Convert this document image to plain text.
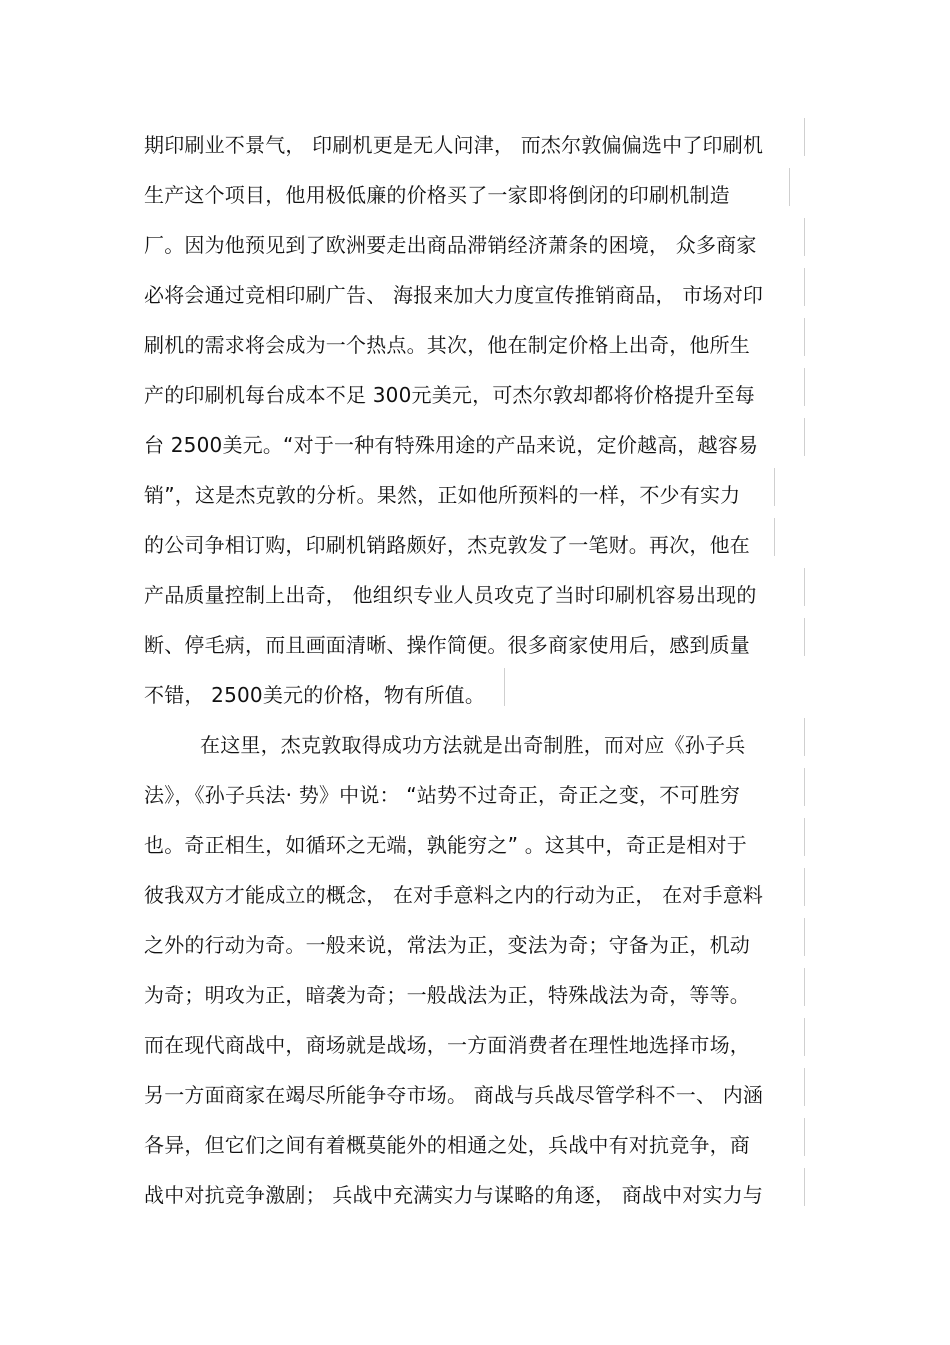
期印刷业不景气， 印刷机更是无人问津， 而杰尔敦偏偏选中了印刷机
生产这个项目，他用极低廉的价格买了一家即将倒闭的印刷机制造
厂。因为他预见到了欧洲要走出商品滞销经济萧条的困境， 众多商家
必将会通过竞相印刷广告、 海报来加大力度宣传推销商品， 市场对印
刷机的需求将会成为一个热点。其次，他在制定价格上出奇，他所生
产的印刷机每台成本不足 300元美元，可杰尔敦却都将价格提升至每
台 2500美元。“对于一种有特殊用途的产品来说，定价越高，越容易
销”，这是杰克敦的分析。果然，正如他所预料的一样，不少有实力
的公司争相订购，印刷机销路颇好，杰克敦发了一笔财。再次，他在
产品质量控制上出奇， 他组织专业人员攻克了当时印刷机容易出现的
断、停毛病，而且画面清晰、操作简便。很多商家使用后，感到质量
不错， 2500美元的价格，物有所值。
在这里，杰克敦取得成功方法就是出奇制胜，而对应《孙子兵
法》，《孙子兵法· 势》中说： “站势不过奇正，奇正之变，不可胜穷
也。奇正相生，如循环之无端，孰能穷之” 。这其中，奇正是相对于
彼我双方才能成立的概念， 在对手意料之内的行动为正， 在对手意料
之外的行动为奇。一般来说，常法为正，变法为奇；守备为正，机动
为奇；明攻为正，暗袭为奇；一般战法为正，特殊战法为奇，等等。
而在现代商战中，商场就是战场，一方面消费者在理性地选择市场，
另一方面商家在竭尽所能争夺市场。 商战与兵战尽管学科不一、 内涵
各异，但它们之间有着概莫能外的相通之处，兵战中有对抗竞争，商
战中对抗竞争激剧； 兵战中充满实力与谋略的角逐， 商战中对实力与
